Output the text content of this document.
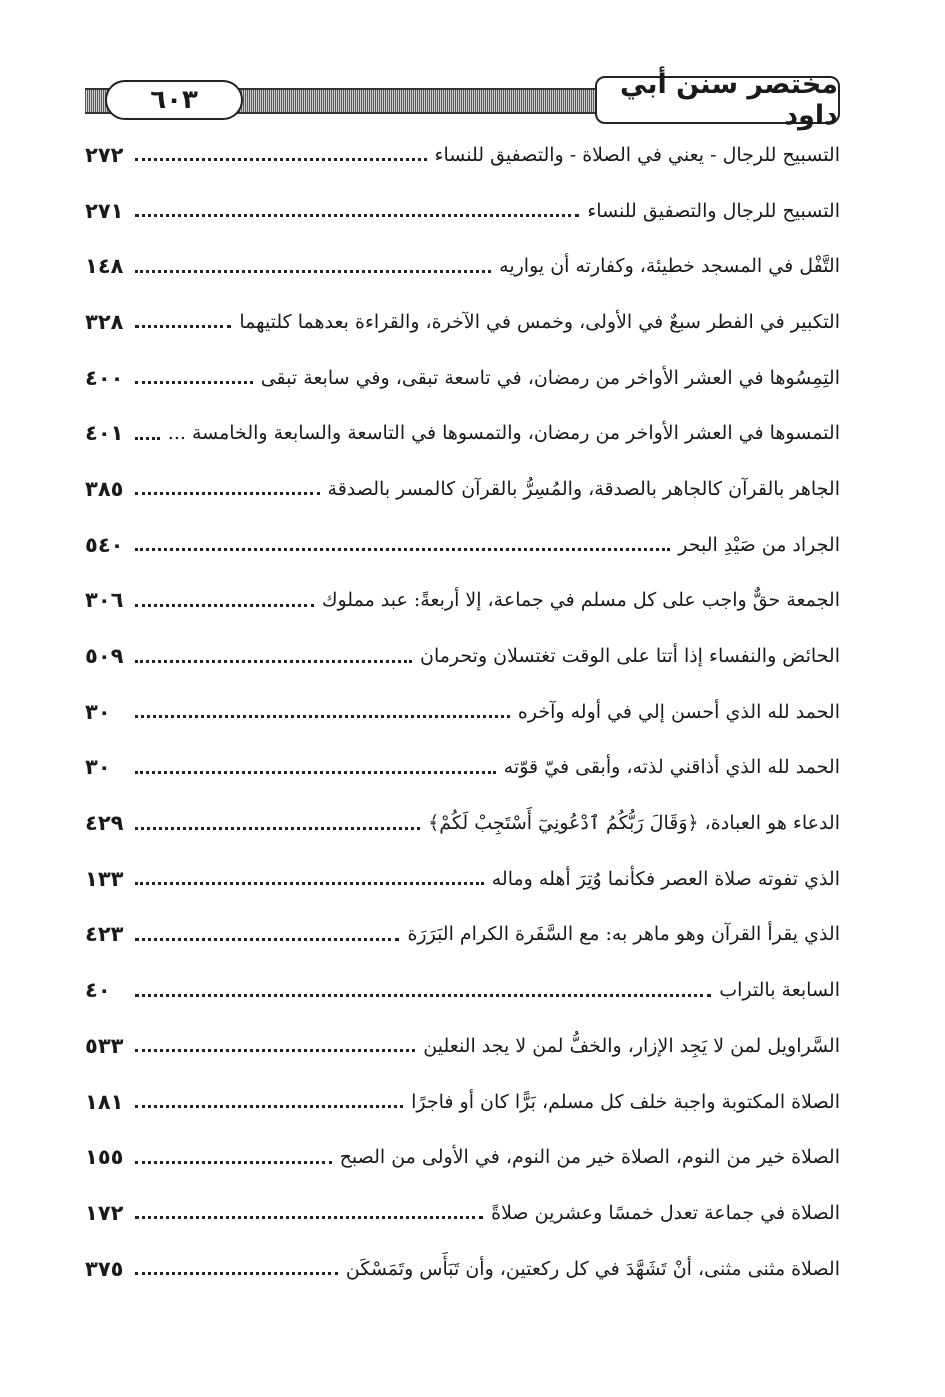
٦٠٣	مختصر سنن أبي داود
التسبيح للرجال - يعني في الصلاة - والتصفيق للنساء
٢٧٢
التسبيح للرجال والتصفيق للنساء
٢٧١
التَّفْل في المسجد خطيئة، وكفارته أن يواريه
١٤٨
التكبير في الفطر سبعٌ في الأولى، وخمس في الآخرة، والقراءة بعدهما كلتيهما
٣٢٨
التِمِسُوها في العشر الأواخر من رمضان، في تاسعة تبقى، وفي سابعة تبقى
٤٠٠
التمسوها في العشر الأواخر من رمضان، والتمسوها في التاسعة والسابعة والخامسة ...
٤٠١
الجاهر بالقرآن كالجاهر بالصدقة، والمُسِرُّ بالقرآن كالمسر بالصدقة
٣٨٥
الجراد من صَيْدِ البحر
٥٤٠
الجمعة حقٌّ واجب على كل مسلم في جماعة، إلا أربعةً: عبد مملوك
٣٠٦
الحائض والنفساء إذا أتتا على الوقت تغتسلان وتحرمان
٥٠٩
الحمد لله الذي أحسن إلي في أوله وآخره
٣٠
الحمد لله الذي أذاقني لذته، وأبقى فيّ قوّته
٣٠
الدعاء هو العبادة، ﴿وَقَالَ رَبُّكُمُ ٱدْعُونِيٓ أَسْتَجِبْ لَكُمْ﴾
٤٢٩
الذي تفوته صلاة العصر فكأنما وُتِرَ أهله وماله
١٣٣
الذي يقرأ القرآن وهو ماهر به: مع السَّفَرة الكرام البَرَرَة
٤٢٣
السابعة بالتراب
٤٠
السَّراويل لمن لا يَجِد الإزار، والخفُّ لمن لا يجد النعلين
٥٣٣
الصلاة المكتوبة واجبة خلف كل مسلم، بَرًّا كان أو فاجرًا
١٨١
الصلاة خير من النوم، الصلاة خير من النوم، في الأولى من الصبح
١٥٥
الصلاة في جماعة تعدل خمسًا وعشرين صلاةً
١٧٢
الصلاة مثنى مثنى، أنْ تَشَهَّدَ في كل ركعتين، وأن تَبَأَس وتَمَسْكَن
٣٧٥
